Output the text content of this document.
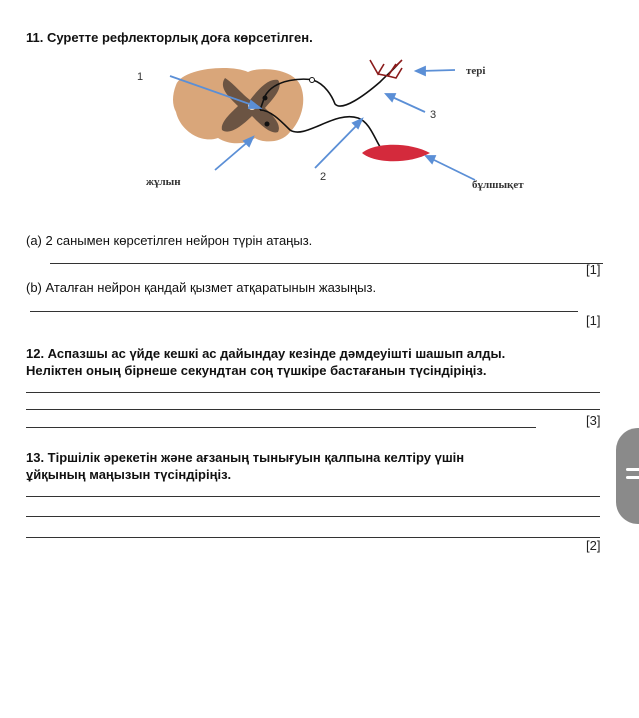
11. Суретте рефлекторлық доға көрсетілген.
1
2
3
тері
жұлын	бұлшықет
(а) 2 санымен көрсетілген нейрон түрін атаңыз.
[1]
(b) Аталған нейрон қандай қызмет атқаратынын жазыңыз.
[1]
12. Аспазшы ас үйде кешкі ас дайындау кезінде дәмдеуішті шашып алды.
Неліктен оның бірнеше секундтан соң түшкіре бастағанын түсіндіріңіз.
[3]
13. Тіршілік әрекетін және ағзаның тынығуын қалпына келтіру үшін
ұйқының маңызын түсіндіріңіз.
[2]
